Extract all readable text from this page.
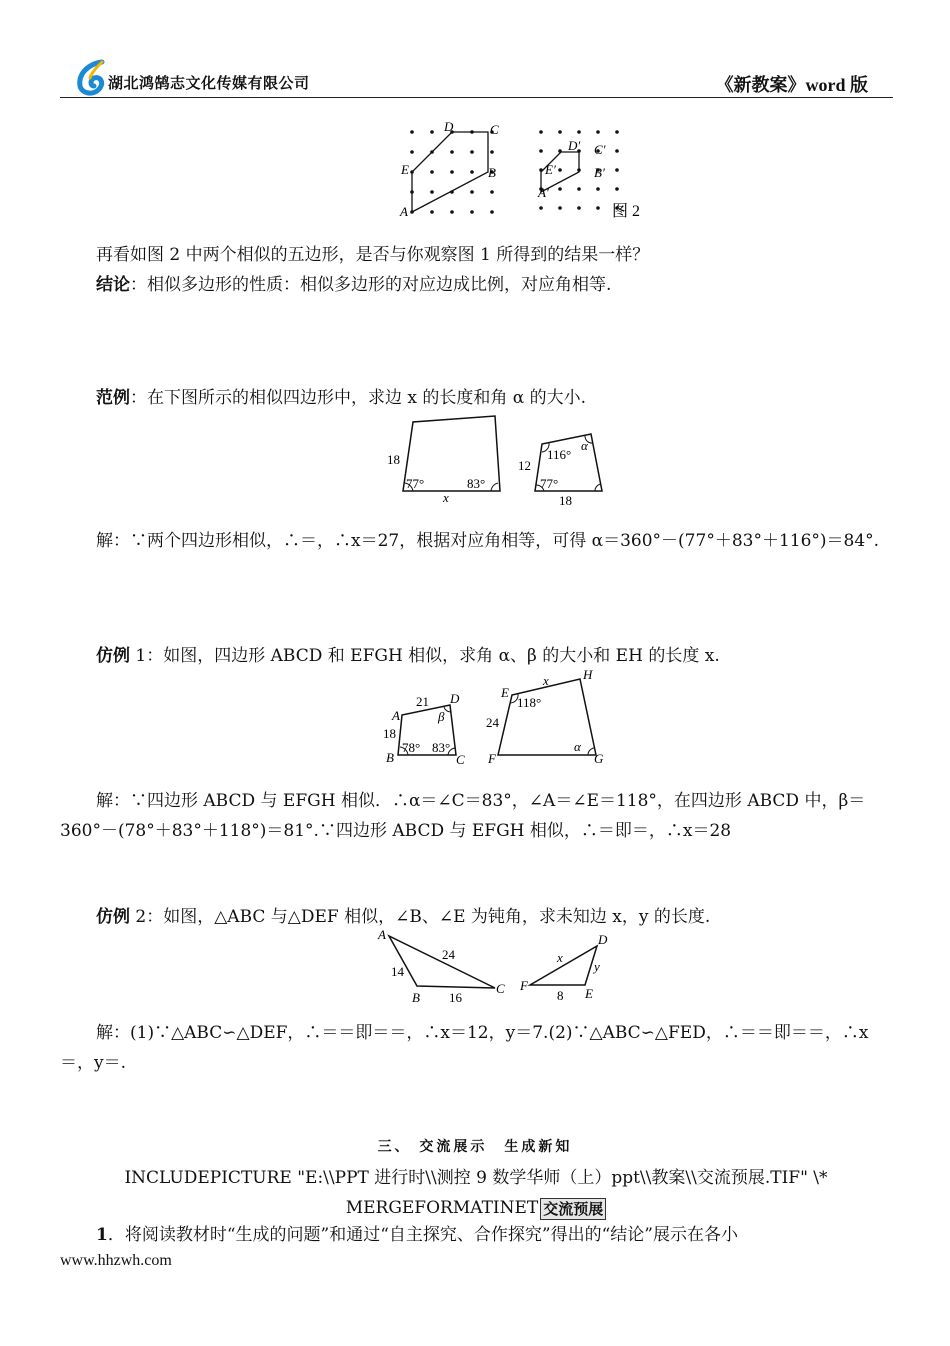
湖北鸿鹄志文化传媒有限公司	《新教案》word 版
D	C
E	B
A
D′ C′
E′	B′
A′
图 2
再看如图 2 中两个相似的五边形，是否与你观察图 1 所得到的结果一样？
结论：相似多边形的性质：相似多边形的对应边成比例，对应角相等.
范例：在下图所示的相似四边形中，求边 x 的长度和角 α 的大小.
18
77°	83°
x
12
116°
α
77°
18
解：∵两个四边形相似，∴＝，∴x＝27，根据对应角相等，可得 α＝360°－(77°＋83°＋116°)＝84°.
仿例 1：如图，四边形 ABCD 和 EFGH 相似，求角 α、β 的大小和 EH 的长度 x.
A
B	C
D
21
18
β
78° 83°
E
H
F	G
x
24
118°
α
解：∵四边形 ABCD 与 EFGH 相似．∴α＝∠C＝83°，∠A＝∠E＝118°，在四边形 ABCD 中，β＝360°－(78°＋83°＋118°)＝81°.∵四边形 ABCD 与 EFGH 相似，∴＝即＝，∴x＝28
仿例 2：如图，△ABC 与△DEF 相似，∠B、∠E 为钝角，求未知边 x，y 的长度.
A
B
C
14
24
16
D
E
F
x
y
8
解：(1)∵△ABC∽△DEF，∴＝＝即＝＝，∴x＝12，y＝7.(2)∵△ABC∽△FED，∴＝＝即＝＝，∴x＝，y＝.
三、 交流展示　生成新知
INCLUDEPICTURE "E:\\PPT 进行时\\测控 9 数学华师（上）ppt\\教案\\交流预展.TIF" \*
MERGEFORMATINET 交流预展
1．将阅读教材时“生成的问题”和通过“自主探究、合作探究”得出的“结论”展示在各小
www.hhzwh.com
